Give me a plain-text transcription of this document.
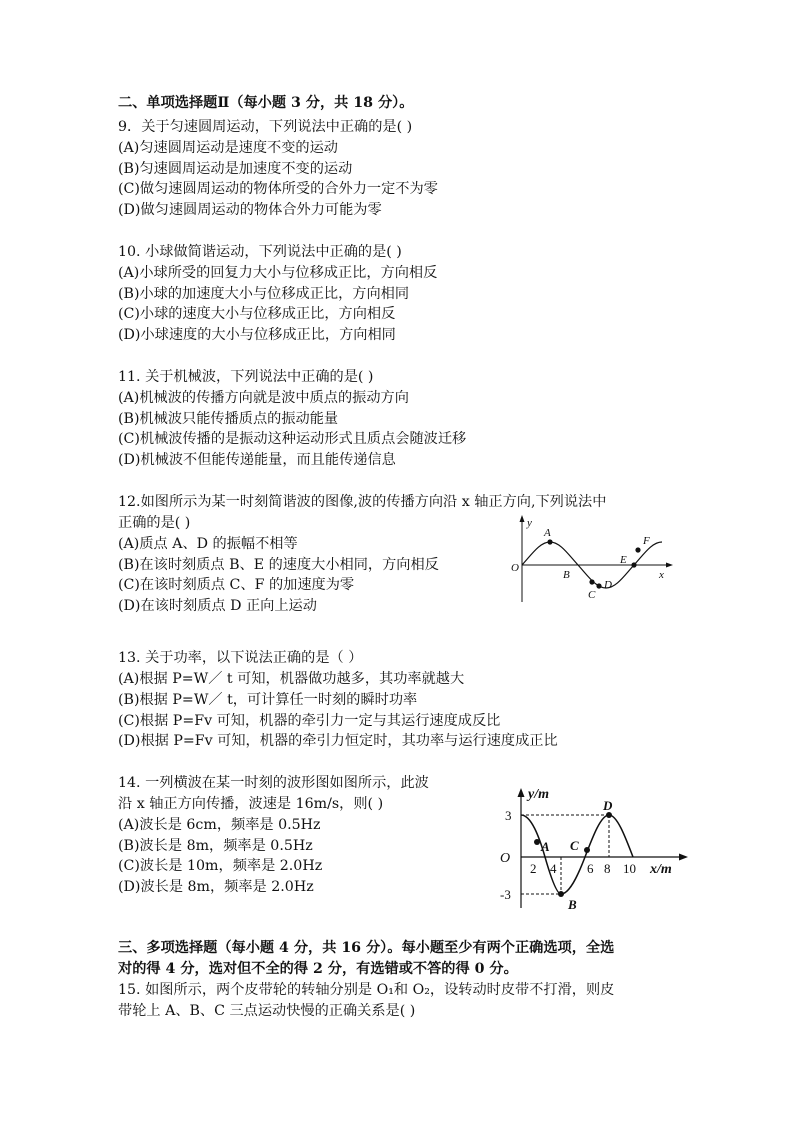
二、单项选择题Ⅱ（每小题 3 分，共 18 分）。
9．关于匀速圆周运动，下列说法中正确的是( )
(A)匀速圆周运动是速度不变的运动
(B)匀速圆周运动是加速度不变的运动
(C)做匀速圆周运动的物体所受的合外力一定不为零
(D)做匀速圆周运动的物体合外力可能为零
10. 小球做简谐运动，下列说法中正确的是( )
(A)小球所受的回复力大小与位移成正比，方向相反
(B)小球的加速度大小与位移成正比，方向相同
(C)小球的速度大小与位移成正比，方向相反
(D)小球速度的大小与位移成正比，方向相同
11. 关于机械波，下列说法中正确的是( )
(A)机械波的传播方向就是波中质点的振动方向
(B)机械波只能传播质点的振动能量
(C)机械波传播的是振动这种运动形式且质点会随波迁移
(D)机械波不但能传递能量，而且能传递信息
12.如图所示为某一时刻简谐波的图像,波的传播方向沿 x 轴正方向,下列说法中
正确的是( )
(A)质点 A、D 的振幅不相等
(B)在该时刻质点 B、E 的速度大小相同，方向相反
(C)在该时刻质点 C、F 的加速度为零
(D)在该时刻质点 D 正向上运动
y
x
O
A
B
C
D
E
F
13. 关于功率，以下说法正确的是（ ）
(A)根据 P=W／ t 可知，机器做功越多，其功率就越大
(B)根据 P=W／ t，可计算任一时刻的瞬时功率
(C)根据 P=Fv 可知，机器的牵引力一定与其运行速度成反比
(D)根据 P=Fv 可知，机器的牵引力恒定时，其功率与运行速度成正比
14. 一列横波在某一时刻的波形图如图所示，此波
沿 x 轴正方向传播，波速是 16m/s，则( )
(A)波长是 6cm，频率是 0.5Hz
(B)波长是 8m，频率是 0.5Hz
(C)波长是 10m，频率是 2.0Hz
(D)波长是 8m，频率是 2.0Hz
y/m
x/m
O
3
-3
2 4 6 8 10
A
B
C
D
三、多项选择题（每小题 4 分，共 16 分）。每小题至少有两个正确选项，全选
对的得 4 分，选对但不全的得 2 分，有选错或不答的得 0 分。
15. 如图所示，两个皮带轮的转轴分别是 O₁和 O₂，设转动时皮带不打滑，则皮
带轮上 A、B、C 三点运动快慢的正确关系是( )
